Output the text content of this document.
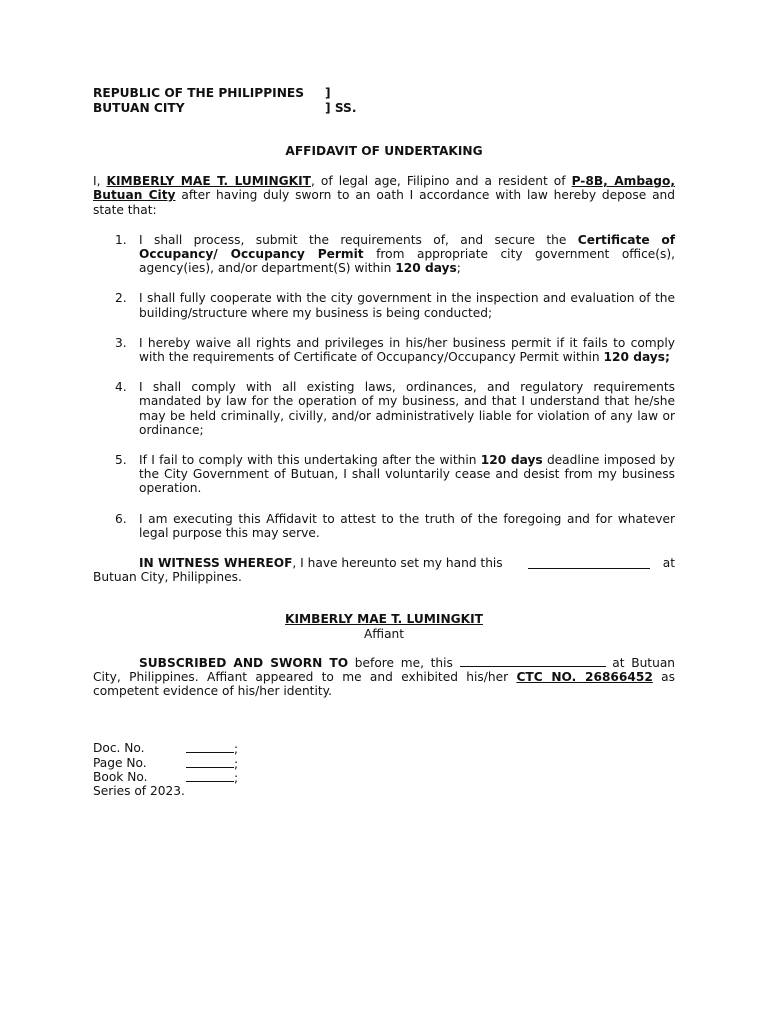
REPUBLIC OF THE PHILIPPINES ]
BUTUAN CITY	] SS.
AFFIDAVIT OF UNDERTAKING

I, KIMBERLY MAE T. LUMINGKIT, of legal age, Filipino and a resident of P-8B, Ambago, Butuan City after having duly sworn to an oath I accordance with law hereby depose and state that:

1. I shall process, submit the requirements of, and secure the Certificate of Occupancy/ Occupancy Permit from appropriate city government office(s), agency(ies), and/or department(S) within 120 days;
2. I shall fully cooperate with the city government in the inspection and evaluation of the building/structure where my business is being conducted;
3. I hereby waive all rights and privileges in his/her business permit if it fails to comply with the requirements of Certificate of Occupancy/Occupancy Permit within 120 days;
4. I shall comply with all existing laws, ordinances, and regulatory requirements mandated by law for the operation of my business, and that I understand that he/she may be held criminally, civilly, and/or administratively liable for violation of any law or ordinance;
5. If I fail to comply with this undertaking after the within 120 days deadline imposed by the City Government of Butuan, I shall voluntarily cease and desist from my business operation.
6. I am executing this Affidavit to attest to the truth of the foregoing and for whatever legal purpose this may serve.
IN WITNESS WHEREOF, I have hereunto set my hand this	at
Butuan City, Philippines.
KIMBERLY MAE T. LUMINGKIT
Affiant
SUBSCRIBED AND SWORN TO before me, this	at Butuan City, Philippines. Affiant appeared to me and exhibited his/her CTC NO. 26866452 as competent evidence of his/her identity.
Doc. No.	;
Page No.	;
Book No.	;
Series of 2023.
